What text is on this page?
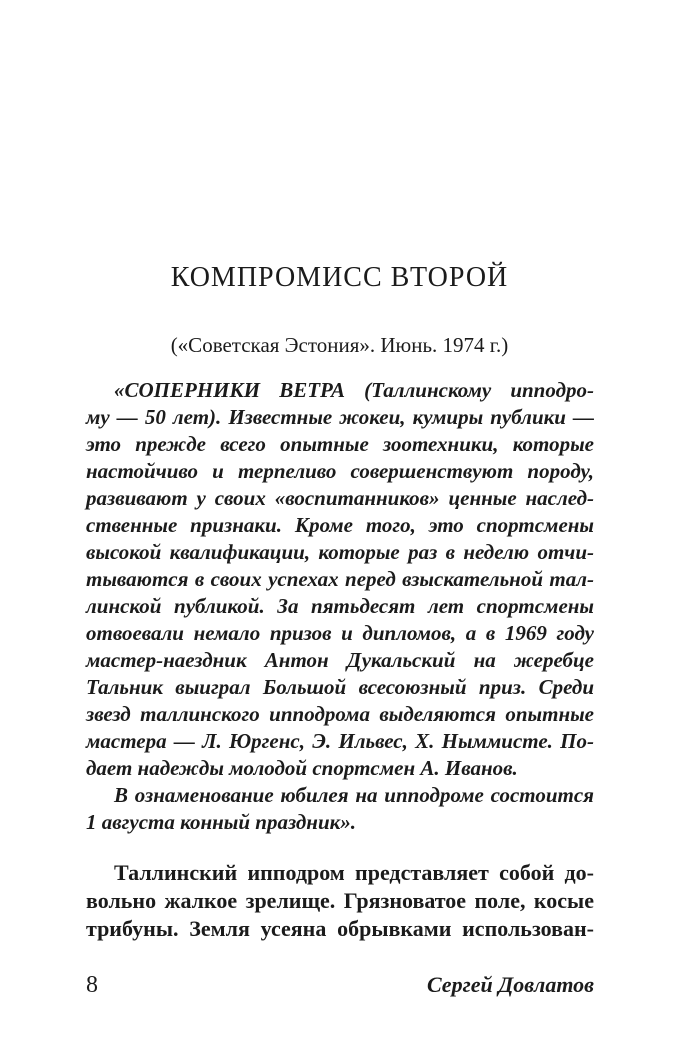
КОМПРОМИСС ВТОРОЙ
(«Советская Эстония». Июнь. 1974 г.)
«СОПЕРНИКИ ВЕТРА (Таллинскому ипподро-
му — 50 лет). Известные жокеи, кумиры публики —
это прежде всего опытные зоотехники, которые
настойчиво и терпеливо совершенствуют породу,
развивают у своих «воспитанников» ценные наслед-
ственные признаки. Кроме того, это спортсмены
высокой квалификации, которые раз в неделю отчи-
тываются в своих успехах перед взыскательной тал-
линской публикой. За пятьдесят лет спортсмены
отвоевали немало призов и дипломов, а в 1969 году
мастер-наездник Антон Дукальский на жеребце
Тальник выиграл Большой всесоюзный приз. Среди
звезд таллинского ипподрома выделяются опытные
мастера — Л. Юргенс, Э. Ильвес, Х. Ныммисте. По-
дает надежды молодой спортсмен А. Иванов.
В ознаменование юбилея на ипподроме состоится
1 августа конный праздник».
Таллинский ипподром представляет собой до-
вольно жалкое зрелище. Грязноватое поле, косые
трибуны. Земля усеяна обрывками использован-
8	Сергей Довлатов
